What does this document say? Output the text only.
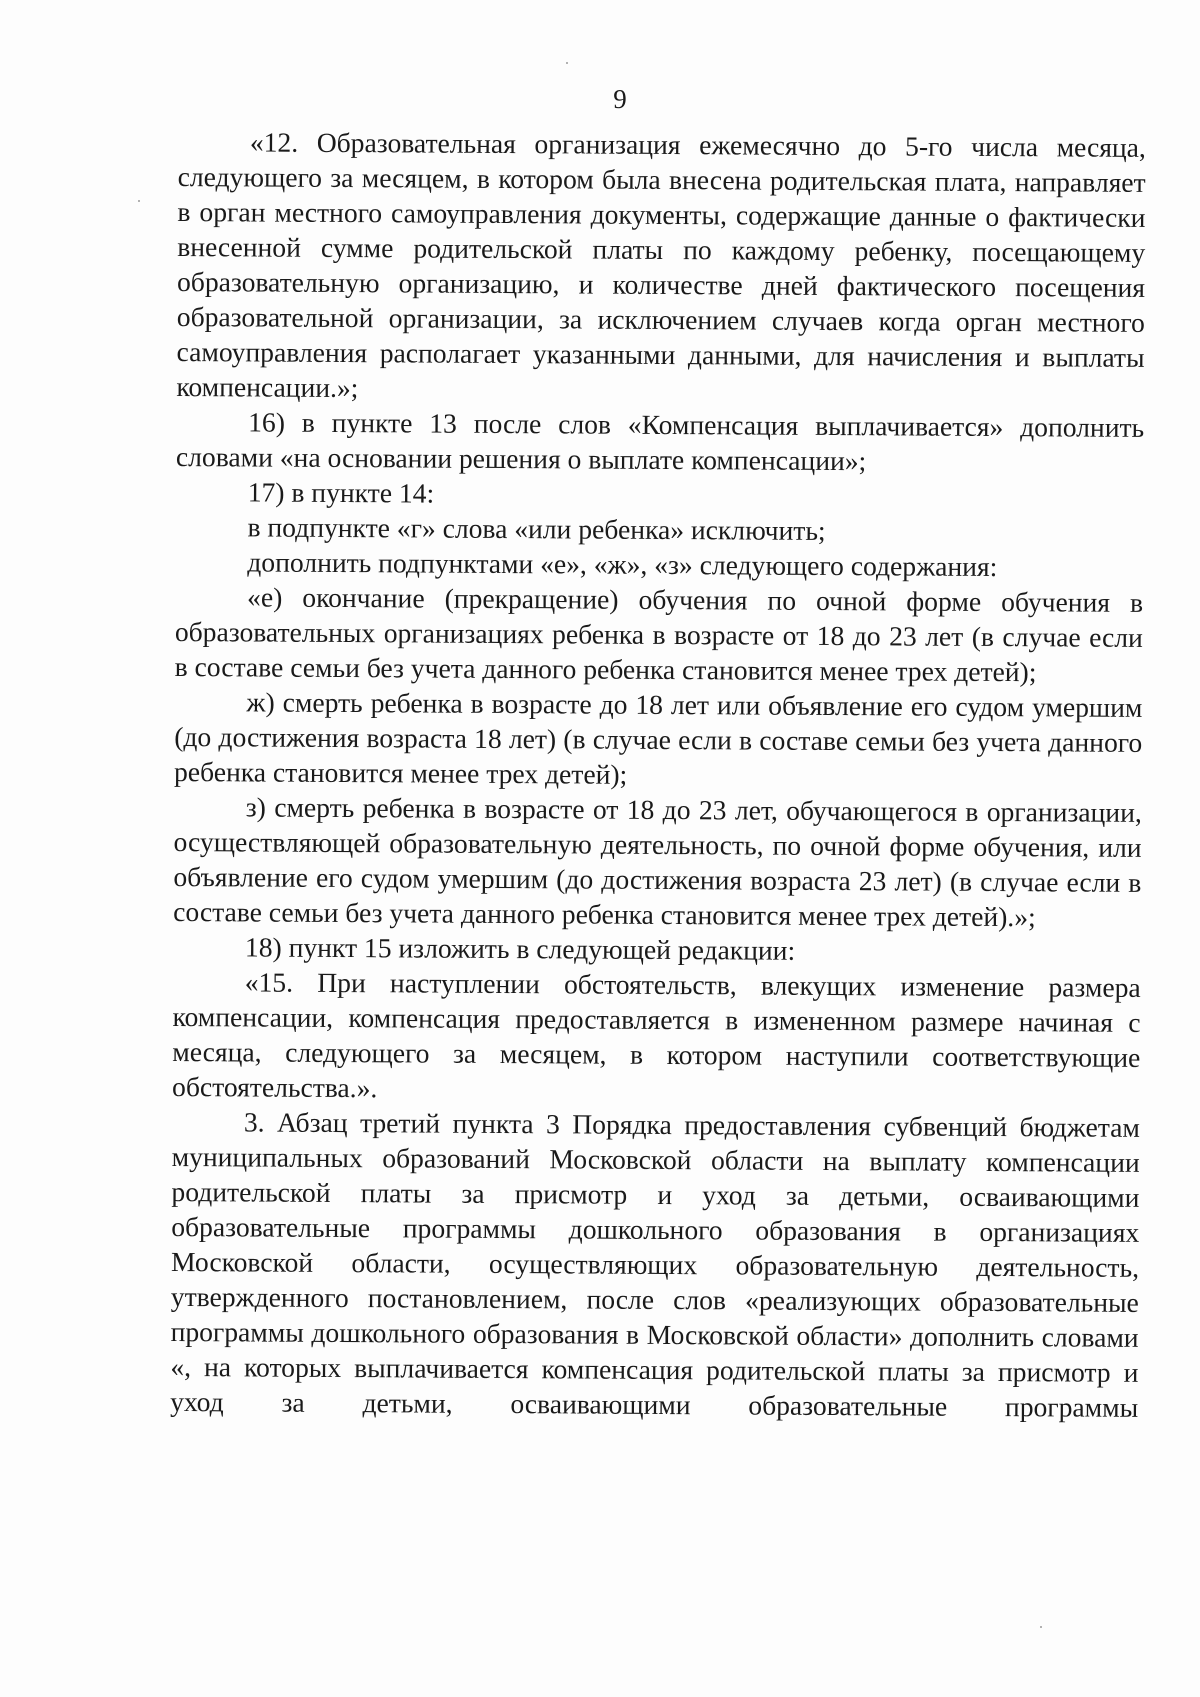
9

«12. Образовательная организация ежемесячно до 5-го числа месяца, следующего за месяцем, в котором была внесена родительская плата, направляет в орган местного самоуправления документы, содержащие данные о фактически внесенной сумме родительской платы по каждому ребенку, посещающему образовательную организацию, и количестве дней фактического посещения образовательной организации, за исключением случаев когда орган местного самоуправления располагает указанными данными, для начисления и выплаты компенсации.»;

16) в пункте 13 после слов «Компенсация выплачивается» дополнить словами «на основании решения о выплате компенсации»;

17) в пункте 14:

в подпункте «г» слова «или ребенка» исключить;

дополнить подпунктами «е», «ж», «з» следующего содержания:

«е) окончание (прекращение) обучения по очной форме обучения в образовательных организациях ребенка в возрасте от 18 до 23 лет (в случае если в составе семьи без учета данного ребенка становится менее трех детей);

ж) смерть ребенка в возрасте до 18 лет или объявление его судом умершим (до достижения возраста 18 лет) (в случае если в составе семьи без учета данного ребенка становится менее трех детей);

з) смерть ребенка в возрасте от 18 до 23 лет, обучающегося в организации, осуществляющей образовательную деятельность, по очной форме обучения, или объявление его судом умершим (до достижения возраста 23 лет) (в случае если в составе семьи без учета данного ребенка становится менее трех детей).»;

18) пункт 15 изложить в следующей редакции:

«15. При наступлении обстоятельств, влекущих изменение размера компенсации, компенсация предоставляется в измененном размере начиная с месяца, следующего за месяцем, в котором наступили соответствующие обстоятельства.».

3. Абзац третий пункта 3 Порядка предоставления субвенций бюджетам муниципальных образований Московской области на выплату компенсации родительской платы за присмотр и уход за детьми, осваивающими образовательные программы дошкольного образования в организациях Московской области, осуществляющих образовательную деятельность, утвержденного постановлением, после слов «реализующих образовательные программы дошкольного образования в Московской области» дополнить словами «, на которых выплачивается компенсация родительской платы за присмотр и уход за детьми, осваивающими образовательные программы
